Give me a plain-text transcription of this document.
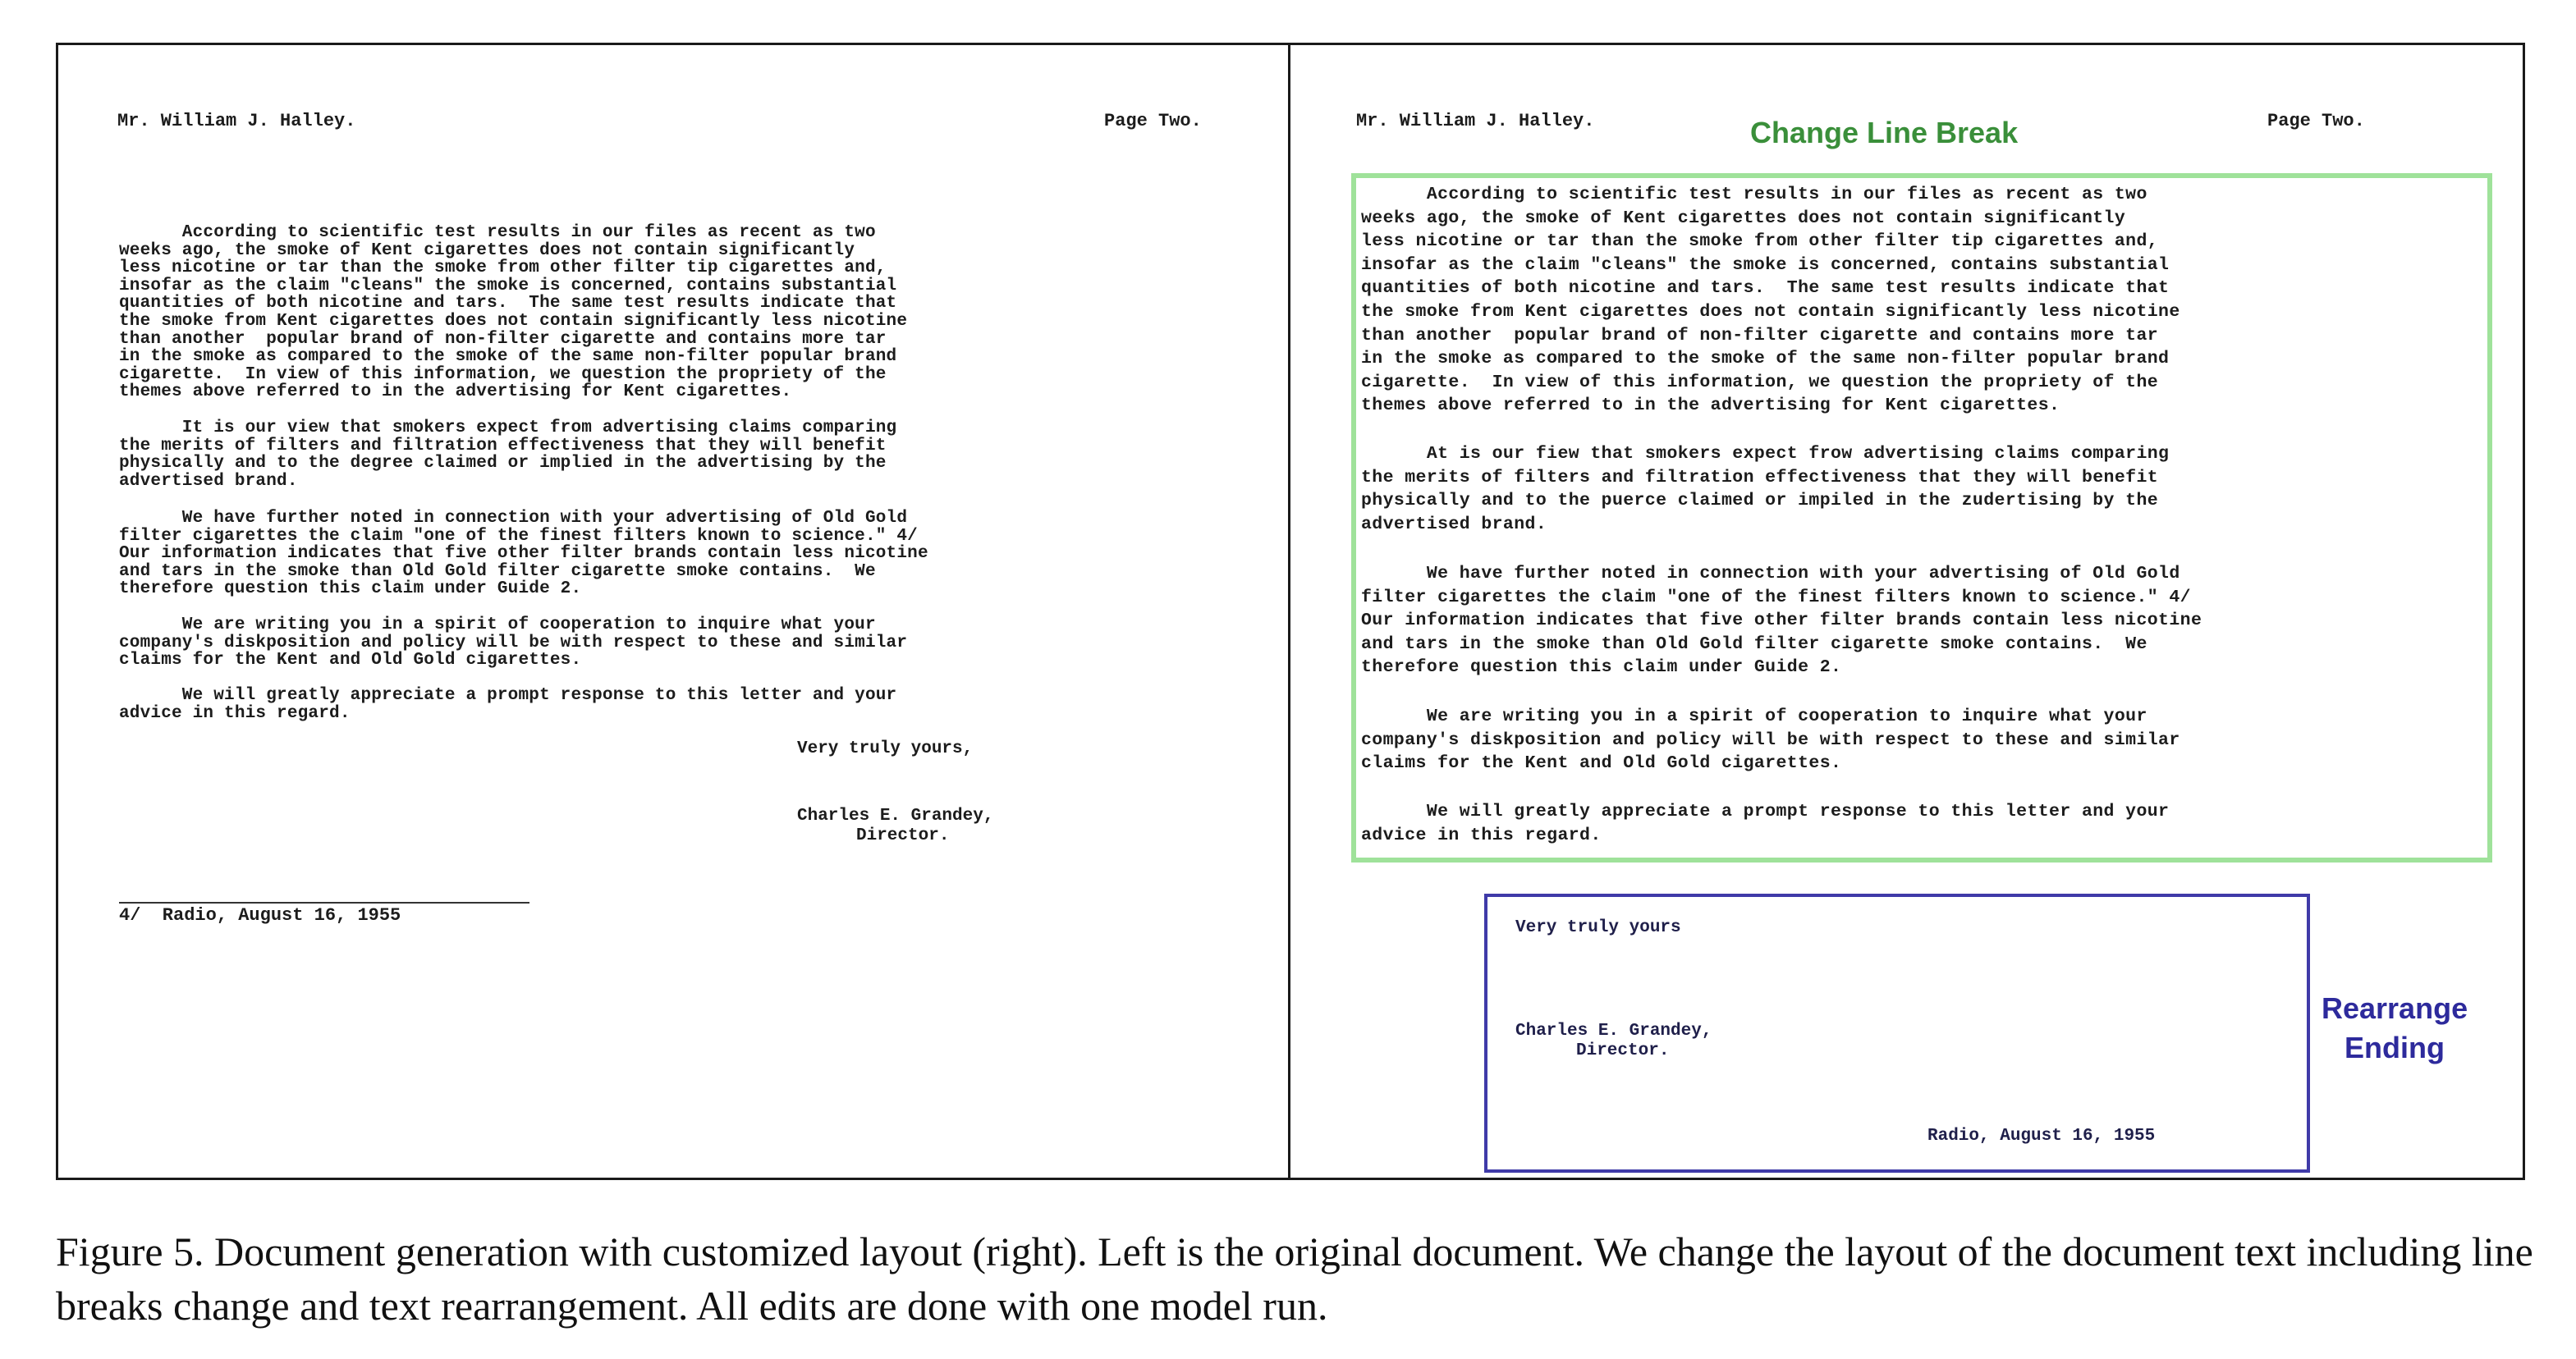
Mr. William J. Halley.	Page Two.
According to scientific test results in our files as recent as two
weeks ago, the smoke of Kent cigarettes does not contain significantly
less nicotine or tar than the smoke from other filter tip cigarettes and,
insofar as the claim "cleans" the smoke is concerned, contains substantial
quantities of both nicotine and tars.  The same test results indicate that
the smoke from Kent cigarettes does not contain significantly less nicotine
than another  popular brand of non-filter cigarette and contains more tar
in the smoke as compared to the smoke of the same non-filter popular brand
cigarette.  In view of this information, we question the propriety of the
themes above referred to in the advertising for Kent cigarettes.
It is our view that smokers expect from advertising claims comparing
the merits of filters and filtration effectiveness that they will benefit
physically and to the degree claimed or implied in the advertising by the
advertised brand.
We have further noted in connection with your advertising of Old Gold
filter cigarettes the claim "one of the finest filters known to science." 4/
Our information indicates that five other filter brands contain less nicotine
and tars in the smoke than Old Gold filter cigarette smoke contains.  We
therefore question this claim under Guide 2.
We are writing you in a spirit of cooperation to inquire what your
company's diskposition and policy will be with respect to these and similar
claims for the Kent and Old Gold cigarettes.
We will greatly appreciate a prompt response to this letter and your
advice in this regard.
Very truly yours,
Charles E. Grandey,
Director.
4/  Radio, August 16, 1955
Mr. William J. Halley.	Change Line Break	Page Two.
According to scientific test results in our files as recent as two
weeks ago, the smoke of Kent cigarettes does not contain significantly
less nicotine or tar than the smoke from other filter tip cigarettes and,
insofar as the claim "cleans" the smoke is concerned, contains substantial
quantities of both nicotine and tars.  The same test results indicate that
the smoke from Kent cigarettes does not contain significantly less nicotine
than another  popular brand of non-filter cigarette and contains more tar
in the smoke as compared to the smoke of the same non-filter popular brand
cigarette.  In view of this information, we question the propriety of the
themes above referred to in the advertising for Kent cigarettes.
At is our fiew that smokers expect frow advertising claims comparing
the merits of filters and filtration effectiveness that they will benefit
physically and to the puerce claimed or impiled in the zudertising by the
advertised brand.
We have further noted in connection with your advertising of Old Gold
filter cigarettes the claim "one of the finest filters known to science." 4/
Our information indicates that five other filter brands contain less nicotine
and tars in the smoke than Old Gold filter cigarette smoke contains.  We
therefore question this claim under Guide 2.
We are writing you in a spirit of cooperation to inquire what your
company's diskposition and policy will be with respect to these and similar
claims for the Kent and Old Gold cigarettes.
We will greatly appreciate a prompt response to this letter and your
advice in this regard.
Very truly yours
Charles E. Grandey,
Director.
Radio, August 16, 1955
Rearrange
Ending
Figure 5. Document generation with customized layout (right). Left is the original document. We change the layout of the document text including line breaks change and text rearrangement. All edits are done with one model run.
